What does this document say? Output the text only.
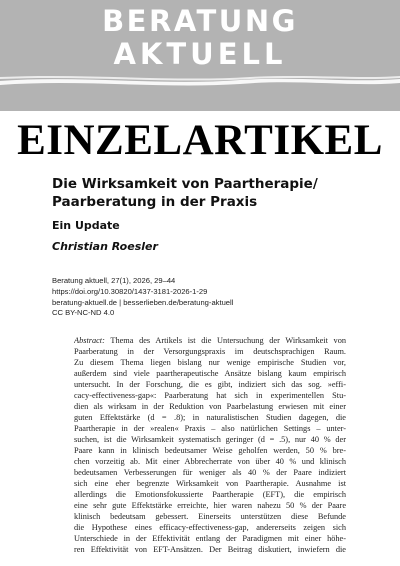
BERATUNG
AKTUELL
EINZELARTIKEL
Die Wirksamkeit von Paartherapie/
Paarberatung in der Praxis
Ein Update
Christian Roesler
Beratung aktuell, 27(1), 2026, 29–44
https://doi.org/10.30820/1437-3181-2026-1-29
beratung-aktuell.de | besserlieben.de/beratung-aktuell
CC BY-NC-ND 4.0
Abstract: Thema des Artikels ist die Untersuchung der Wirksamkeit von
Paarberatung in der Versorgungspraxis im deutschsprachigen Raum.
Zu diesem Thema liegen bislang nur wenige empirische Studien vor,
außerdem sind viele paartherapeutische Ansätze bislang kaum empirisch
untersucht. In der Forschung, die es gibt, indiziert sich das sog. »effi-
cacy-effectiveness-gap«: Paarberatung hat sich in experimentellen Stu-
dien als wirksam in der Reduktion von Paarbelastung erwiesen mit einer
guten Effektstärke (d = .8); in naturalistischen Studien dagegen, die
Paartherapie in der »realen« Praxis – also natürlichen Settings – unter-
suchen, ist die Wirksamkeit systematisch geringer (d = .5), nur 40 % der
Paare kann in klinisch bedeutsamer Weise geholfen werden, 50 % bre-
chen vorzeitig ab. Mit einer Abbrecherrate von über 40 % und klinisch
bedeutsamen Verbesserungen für weniger als 40 % der Paare indiziert
sich eine eher begrenzte Wirksamkeit von Paartherapie. Ausnahme ist
allerdings die Emotionsfokussierte Paartherapie (EFT), die empirisch
eine sehr gute Effektstärke erreichte, hier waren nahezu 50 % der Paare
klinisch bedeutsam gebessert. Einerseits unterstützen diese Befunde
die Hypothese eines efficacy-effectiveness-gap, andererseits zeigen sich
Unterschiede in der Effektivität entlang der Paradigmen mit einer höhe-
ren Effektivität von EFT-Ansätzen. Der Beitrag diskutiert, inwiefern die
